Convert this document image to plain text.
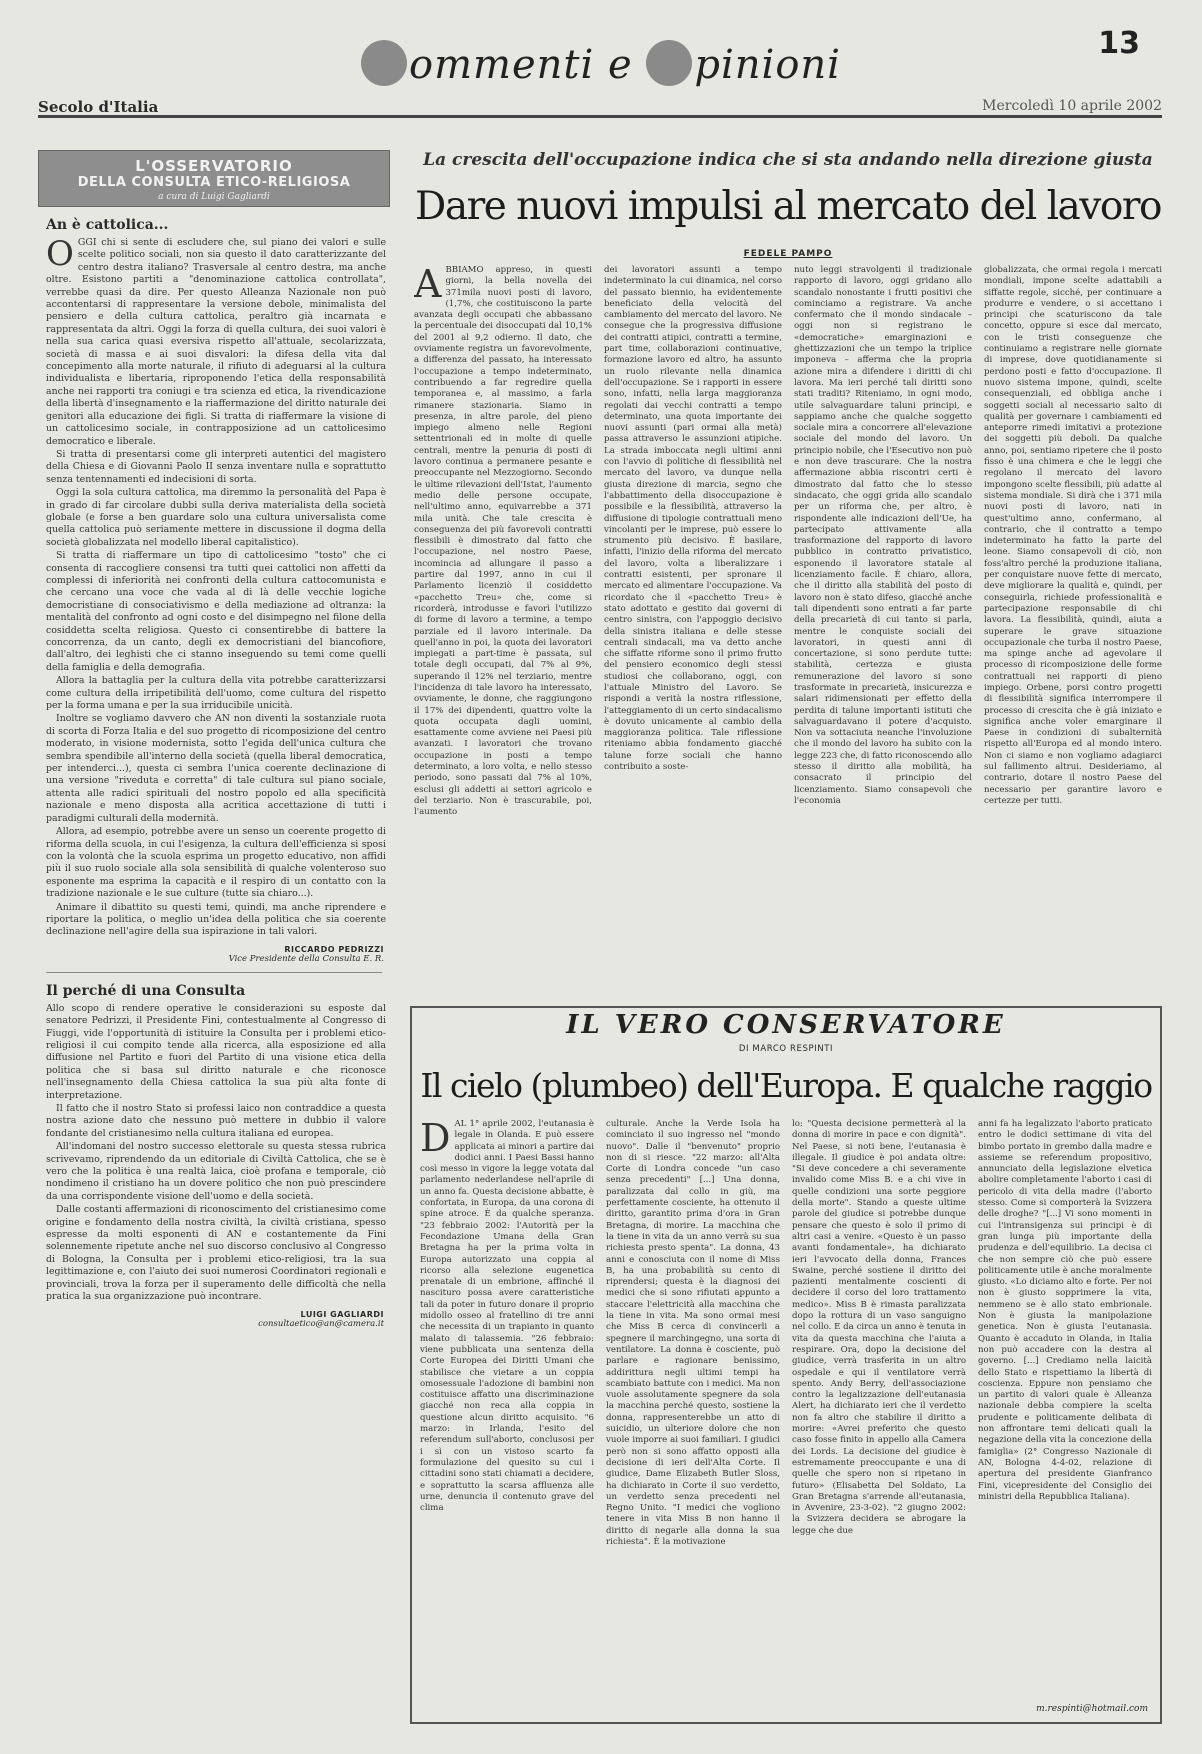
13
ommenti e pinioni
Secolo d'Italia	Mercoledì 10 aprile 2002
L'OSSERVATORIO
DELLA CONSULTA ETICO-RELIGIOSA
a cura di Luigi Gagliardi
An è cattolica...
O GGI chi si sente di escludere che, sul piano dei valori e sulle scelte politico sociali, non sia questo il dato caratterizzante del centro destra italiano? Trasversale al centro destra, ma anche oltre. Esistono partiti a "denominazione cattolica controllata", verrebbe quasi da dire. Per questo Alleanza Nazionale non può accontentarsi di rappresentare la versione debole, minimalista del pensiero e della cultura cattolica, peraltro già incarnata e rappresentata da altri. Oggi la forza di quella cultura, dei suoi valori è nella sua carica quasi eversiva rispetto all'attuale, secolarizzata, società di massa e ai suoi disvalori: la difesa della vita dal concepimento alla morte naturale, il rifiuto di adeguarsi al la cultura individualista e libertaria, riproponendo l'etica della responsabilità anche nei rapporti tra coniugi e tra scienza ed etica, la rivendicazione della libertà d'insegnamento e la riaffermazione del diritto naturale dei genitori alla educazione dei figli. Si tratta di riaffermare la visione di un cattolicesimo sociale, in contrapposizione ad un cattolicesimo democratico e liberale.

Si tratta di presentarsi come gli interpreti autentici del magistero della Chiesa e di Giovanni Paolo II senza inventare nulla e soprattutto senza tentennamenti ed indecisioni di sorta.

Oggi la sola cultura cattolica, ma diremmo la personalità del Papa è in grado di far circolare dubbi sulla deriva materialista della società globale (e forse a ben guardare solo una cultura universalista come quella cattolica può seriamente mettere in discussione il dogma della società globalizzata nel modello liberal capitalistico).

Si tratta di riaffermare un tipo di cattolicesimo "tosto" che ci consenta di raccogliere consensi tra tutti quei cattolici non affetti da complessi di inferiorità nei confronti della cultura cattocomunista e che cercano una voce che vada al di là delle vecchie logiche democristiane di consociativismo e della mediazione ad oltranza: la mentalità del confronto ad ogni costo e del disimpegno nel filone della cosiddetta scelta religiosa. Questo ci consentirebbe di battere la concorrenza, da un canto, degli ex democristiani del biancofiore, dall'altro, dei leghisti che ci stanno inseguendo su temi come quelli della famiglia e della demografia.

Allora la battaglia per la cultura della vita potrebbe caratterizzarsi come cultura della irripetibilità dell'uomo, come cultura del rispetto per la forma umana e per la sua irriducibile unicità.

Inoltre se vogliamo davvero che AN non diventi la sostanziale ruota di scorta di Forza Italia e del suo progetto di ricomposizione del centro moderato, in visione modernista, sotto l'egida dell'unica cultura che sembra spendibile all'interno della società (quella liberal democratica, per intenderci...), questa ci sembra l'unica coerente declinazione di una versione "riveduta e corretta" di tale cultura sul piano sociale, attenta alle radici spirituali del nostro popolo ed alla specificità nazionale e meno disposta alla acritica accettazione di tutti i paradigmi culturali della modernità.

Allora, ad esempio, potrebbe avere un senso un coerente progetto di riforma della scuola, in cui l'esigenza, la cultura dell'efficienza si sposi con la volontà che la scuola esprima un progetto educativo, non affidi più il suo ruolo sociale alla sola sensibilità di qualche volenteroso suo esponente ma esprima la capacità e il respiro di un contatto con la tradizione nazionale e le sue culture (tutte sia chiaro...).

Animare il dibattito su questi temi, quindi, ma anche riprendere e riportare la politica, o meglio un'idea della politica che sia coerente declinazione nell'agire della sua ispirazione in tali valori.

RICCARDO PEDRIZZI
Vice Presidente della Consulta E. R.
Il perché di una Consulta

Allo scopo di rendere operative le considerazioni su esposte dal senatore Pedrizzi, il Presidente Fini, contestualmente al Congresso di Fiuggi, vide l'opportunità di istituire la Consulta per i problemi etico-religiosi il cui compito tende alla ricerca, alla esposizione ed alla diffusione nel Partito e fuori del Partito di una visione etica della politica che si basa sul diritto naturale e che riconosce nell'insegnamento della Chiesa cattolica la sua più alta fonte di interpretazione.

Il fatto che il nostro Stato si professi laico non contraddice a questa nostra azione dato che nessuno può mettere in dubbio il valore fondante del cristianesimo nella cultura italiana ed europea.

All'indomani del nostro successo elettorale su questa stessa rubrica scrivevamo, riprendendo da un editoriale di Civiltà Cattolica, che se è vero che la politica è una realtà laica, cioè profana e temporale, ciò nondimeno il cristiano ha un dovere politico che non può prescindere da una corrispondente visione dell'uomo e della società.

Dalle costanti affermazioni di riconoscimento del cristianesimo come origine e fondamento della nostra civiltà, la civiltà cristiana, spesso espresse da molti esponenti di AN e costantemente da Fini solennemente ripetute anche nel suo discorso conclusivo al Congresso di Bologna, la Consulta per i problemi etico-religiosi, tra la sua legittimazione e, con l'aiuto dei suoi numerosi Coordinatori regionali e provinciali, trova la forza per il superamento delle difficoltà che nella pratica la sua organizzazione può incontrare.

LUIGI GAGLIARDI
consultaetico@an@camera.it
La crescita dell'occupazione indica che si sta andando nella direzione giusta
Dare nuovi impulsi al mercato del lavoro
FEDELE PAMPO
ABBIAMO appreso, in questi giorni, la bella novella dei 371mila nuovi posti di lavoro, (1,7%, che costituiscono la parte avanzata degli occupati che abbassano la percentuale dei disoccupati dal 10,1% del 2001 al 9,2 odierno. Il dato, che ovviamente registra un favorevolmente, a differenza del passato, ha interessato l'occupazione a tempo indeterminato, contribuendo a far regredire quella temporanea e, al massimo, a farla rimanere stazionaria. Siamo in presenza, in altre parole, del pieno impiego almeno nelle Regioni settentrionali ed in molte di quelle centrali, mentre la penuria di posti di lavoro continua a permanere pesante e preoccupante nel Mezzogiorno. Secondo le ultime rilevazioni dell'Istat, l'aumento medio delle persone occupate, nell'ultimo anno, equivarrebbe a 371 mila unità. Che tale crescita è conseguenza dei più favorevoli contratti flessibili è dimostrato dal fatto che l'occupazione, nel nostro Paese, incomincia ad allungare il passo a partire dal 1997, anno in cui il Parlamento licenziò il cosiddetto «pacchetto Treu» che, come si ricorderà, introdusse e favorì l'utilizzo di forme di lavoro a termine, a tempo parziale ed il lavoro interinale. Da quell'anno in poi, la quota dei lavoratori impiegati a part-time è passata, sul totale degli occupati, dal 7% al 9%, superando il 12% nel terziario, mentre l'incidenza di tale lavoro ha interessato, ovviamente, le donne, che raggiungono il 17% dei dipendenti, quattro volte la quota occupata dagli uomini, esattamente come avviene nei Paesi più avanzati. I lavoratori che trovano occupazione in posti a tempo determinato, a loro volta, e nello stesso periodo, sono passati dal 7% al 10%, esclusi gli addetti ai settori agricolo e del terziario. Non è trascurabile, poi, l'aumento
dei lavoratori assunti a tempo indeterminato la cui dinamica, nel corso del passato biennio, ha evidentemente beneficiato della velocità del cambiamento del mercato del lavoro. Ne consegue che la progressiva diffusione dei contratti atipici, contratti a termine, part time, collaborazioni continuative, formazione lavoro ed altro, ha assunto un ruolo rilevante nella dinamica dell'occupazione. Se i rapporti in essere sono, infatti, nella larga maggioranza regolati dai vecchi contratti a tempo determinato, una quota importante dei nuovi assunti (pari ormai alla metà) passa attraverso le assunzioni atipiche. La strada imboccata negli ultimi anni con l'avvio di politiche di flessibilità nel mercato del lavoro, va dunque nella giusta direzione di marcia, segno che l'abbattimento della disoccupazione è possibile e la flessibilità, attraverso la diffusione di tipologie contrattuali meno vincolanti per le imprese, può essere lo strumento più decisivo. È basilare, infatti, l'inizio della riforma del mercato del lavoro, volta a liberalizzare i contratti esistenti, per spronare il mercato ed alimentare l'occupazione. Va ricordato che il «pacchetto Treu» è stato adottato e gestito dai governi di centro sinistra, con l'appoggio decisivo della sinistra italiana e delle stesse centrali sindacali, ma va detto anche che siffatte riforme sono il primo frutto del pensiero economico degli stessi studiosi che collaborano, oggi, con l'attuale Ministro del Lavoro. Se rispondi a verità la nostra riflessione, l'atteggiamento di un certo sindacalismo è dovuto unicamente al cambio della maggioranza politica. Tale riflessione riteniamo abbia fondamento giacché talune forze sociali che hanno contribuito a soste-
nuto leggi stravolgenti il tradizionale rapporto di lavoro, oggi gridano allo scandalo nonostante i frutti positivi che cominciamo a registrare. Va anche confermato che il mondo sindacale – oggi non si registrano le «democratiche» emarginazioni e ghettizzazioni che un tempo la triplice imponeva – afferma che la propria azione mira a difendere i diritti di chi lavora. Ma ieri perché tali diritti sono stati traditi? Riteniamo, in ogni modo, utile salvaguardare taluni principi, e sappiamo anche che qualche soggetto sociale mira a concorrere all'elevazione sociale del mondo del lavoro. Un principio nobile, che l'Esecutivo non può e non deve trascurare. Che la nostra affermazione abbia riscontri certi è dimostrato dal fatto che lo stesso sindacato, che oggi grida allo scandalo per un riforma che, per altro, è rispondente alle indicazioni dell'Ue, ha partecipato attivamente alla trasformazione del rapporto di lavoro pubblico in contratto privatistico, esponendo il lavoratore statale al licenziamento facile. È chiaro, allora, che il diritto alla stabilità del posto di lavoro non è stato difeso, giacché anche tali dipendenti sono entrati a far parte della precarietà di cui tanto si parla, mentre le conquiste sociali dei lavoratori, in questi anni di concertazione, si sono perdute tutte: stabilità, certezza e giusta remunerazione del lavoro si sono trasformate in precarietà, insicurezza e salari ridimensionati per effetto della perdita di talune importanti istituti che salvaguardavano il potere d'acquisto. Non va sottaciuta neanche l'involuzione che il mondo del lavoro ha subito con la legge 223 che, di fatto riconoscendo allo stesso il diritto alla mobilità, ha consacrato il principio del licenziamento. Siamo consapevoli che l'economia
globalizzata, che ormai regola i mercati mondiali, impone scelte adattabili a siffatte regole, sicché, per continuare a produrre e vendere, o si accettano i principi che scaturiscono da tale concetto, oppure si esce dal mercato, con le tristi conseguenze che continuiamo a registrare nelle giornate di imprese, dove quotidianamente si perdono posti e fatto d'occupazione. Il nuovo sistema impone, quindi, scelte consequenziali, ed obbliga anche i soggetti sociali al necessario salto di qualità per governare i cambiamenti ed anteporre rimedi imitativi a protezione dei soggetti più deboli. Da qualche anno, poi, sentiamo ripetere che il posto fisso è una chimera e che le leggi che regolano il mercato del lavoro impongono scelte flessibili, più adatte al sistema mondiale. Si dirà che i 371 mila nuovi posti di lavoro, nati in quest'ultimo anno, confermano, al contrario, che il contratto a tempo indeterminato ha fatto la parte del leone. Siamo consapevoli di ciò, non foss'altro perché la produzione italiana, per conquistare nuove fette di mercato, deve migliorare la qualità e, quindi, per conseguirla, richiede professionalità e partecipazione responsabile di chi lavora. La flessibilità, quindi, aiuta a superare le grave situazione occupazionale che turba il nostro Paese, ma spinge anche ad agevolare il processo di ricomposizione delle forme contrattuali nei rapporti di pieno impiego. Orbene, porsi contro progetti di flessibilità significa interrompere il processo di crescita che è già iniziato e significa anche voler emarginare il Paese in condizioni di subalternità rispetto all'Europa ed al mondo intero. Non ci siamo e non vogliamo adagiarci sul fallimento altrui. Desideriamo, al contrario, dotare il nostro Paese del necessario per garantire lavoro e certezze per tutti.
IL VERO CONSERVATORE
DI MARCO RESPINTI
Il cielo (plumbeo) dell'Europa. E qualche raggio
DAL 1° aprile 2002, l'eutanasia è legale in Olanda. E può essere applicata ai minori a partire dai dodici anni. I Paesi Bassi hanno così messo in vigore la legge votata dal parlamento nederlandese nell'aprile di un anno fa. Questa decisione abbatte, è confortata, in Europa, da una corona di spine atroce. È da qualche speranza. "23 febbraio 2002: l'Autorità per la Fecondazione Umana della Gran Bretagna ha per la prima volta in Europa autorizzato una coppia al ricorso alla selezione eugenetica prenatale di un embrione, affinché il nascituro possa avere caratteristiche tali da poter in futuro donare il proprio midollo osseo al fratellino di tre anni che necessita di un trapianto in quanto malato di talassemia. "26 febbraio: viene pubblicata una sentenza della Corte Europea dei Diritti Umani che stabilisce che vietare a un coppia omosessuale l'adozione di bambini non costituisce affatto una discriminazione giacché non reca alla coppia in questione alcun diritto acquisito. "6 marzo: in Irlanda, l'esito del referendum sull'aborto, conclusosi per i sì con un vistoso scarto fa formulazione del quesito su cui i cittadini sono stati chiamati a decidere, e soprattutto la scarsa affluenza alle urne, denuncia il contenuto grave del clima
culturale. Anche la Verde Isola ha cominciato il suo ingresso nel "mondo nuovo". Dalle il "benvenuto" proprio non di si riesce. "22 marzo: all'Alta Corte di Londra concede "un caso senza precedenti" [...] Una donna, paralizzata dal collo in giù, ma perfettamente cosciente, ha ottenuto il diritto, garantito prima d'ora in Gran Bretagna, di morire. La macchina che la tiene in vita da un anno verrà su sua richiesta presto spenta". La donna, 43 anni e conosciuta con il nome di Miss B, ha una probabilità su cento di riprendersi; questa è la diagnosi dei medici che si sono rifiutati appunto a staccare l'elettricità alla macchina che la tiene in vita. Ma sono ormai mesi che Miss B cerca di convincerli a spegnere il marchingegno, una sorta di ventilatore. La donna è cosciente, può parlare e ragionare benissimo, addirittura negli ultimi tempi ha scambiato battute con i medici. Ma non vuole assolutamente spegnere da sola la macchina perché questo, sostiene la donna, rappresenterebbe un atto di suicidio, un ulteriore dolore che non vuole imporre ai suoi familiari. I giudici però non si sono affatto opposti alla decisione di ieri dell'Alta Corte. Il giudice, Dame Elizabeth Butler Sloss, ha dichiarato in Corte il suo verdetto, un verdetto senza precedenti nel Regno Unito. "I medici che vogliono tenere in vita Miss B non hanno il diritto di negarle alla donna la sua richiesta". È la motivazione
lo: "Questa decisione permetterà al la donna di morire in pace e con dignità". Nel Paese, si noti bene, l'eutanasia è illegale. Il giudice è poi andata oltre: "Si deve concedere a chi severamente invalido come Miss B. e a chi vive in quelle condizioni una sorte peggiore della morte". Stando a queste ultime parole del giudice si potrebbe dunque pensare che questo è solo il primo di altri casi a venire. «Questo è un passo avanti fondamentale», ha dichiarato ieri l'avvocato della donna, Frances Swaine, perché sostiene il diritto dei pazienti mentalmente coscienti di decidere il corso del loro trattamento medico». Miss B è rimasta paralizzata dopo la rottura di un vaso sanguigno nel collo. E da circa un anno è tenuta in vita da questa macchina che l'aiuta a respirare. Ora, dopo la decisione del giudice, verrà trasferita in un altro ospedale e qui il ventilatore verrà spento. Andy Berry, dell'associazione contro la legalizzazione dell'eutanasia Alert, ha dichiarato ieri che il verdetto non fa altro che stabilire il diritto a morire: «Avrei preferito che questo caso fosse finito in appello alla Camera dei Lords. La decisione del giudice è estremamente preoccupante e una di quelle che spero non si ripetano in futuro» (Elisabetta Del Soldato, La Gran Bretagna s'arrende all'eutanasia, in Avvenire, 23-3-02). "2 giugno 2002: la Svizzera decidera se abrogare la legge che due
anni fa ha legalizzato l'aborto praticato entro le dodici settimane di vita del bimbo portato in grembo dalla madre e assieme se referendum propositivo, annunciato della legislazione elvetica abolire completamente l'aborto i casi di pericolo di vita della madre (l'aborto stesso. Come si comporterà la Svizzera delle droghe? "[...] Vi sono momenti in cui l'intransigenza sui principi è di gran lunga più importante della prudenza e dell'equilibrio. La decisa ci che non sempre ciò che può essere politicamente utile è anche moralmente giusto. «Lo diciamo alto e forte. Per noi non è giusto sopprimere la vita, nemmeno se è allo stato embrionale. Non è giusta la manipolazione genetica. Non è giusta l'eutanasia. Quanto è accaduto in Olanda, in Italia non può accadere con la destra al governo. [...] Crediamo nella laicità dello Stato e rispettiamo la libertà di coscienza. Eppure non pensiamo che un partito di valori quale è Alleanza nazionale debba compiere la scelta prudente e politicamente delibata di non affrontare temi delicati quali la negazione della vita la concezione della famiglia» (2° Congresso Nazionale di AN, Bologna 4-4-02, relazione di apertura del presidente Gianfranco Fini, vicepresidente del Consiglio dei ministri della Repubblica Italiana).
m.respinti@hotmail.com
